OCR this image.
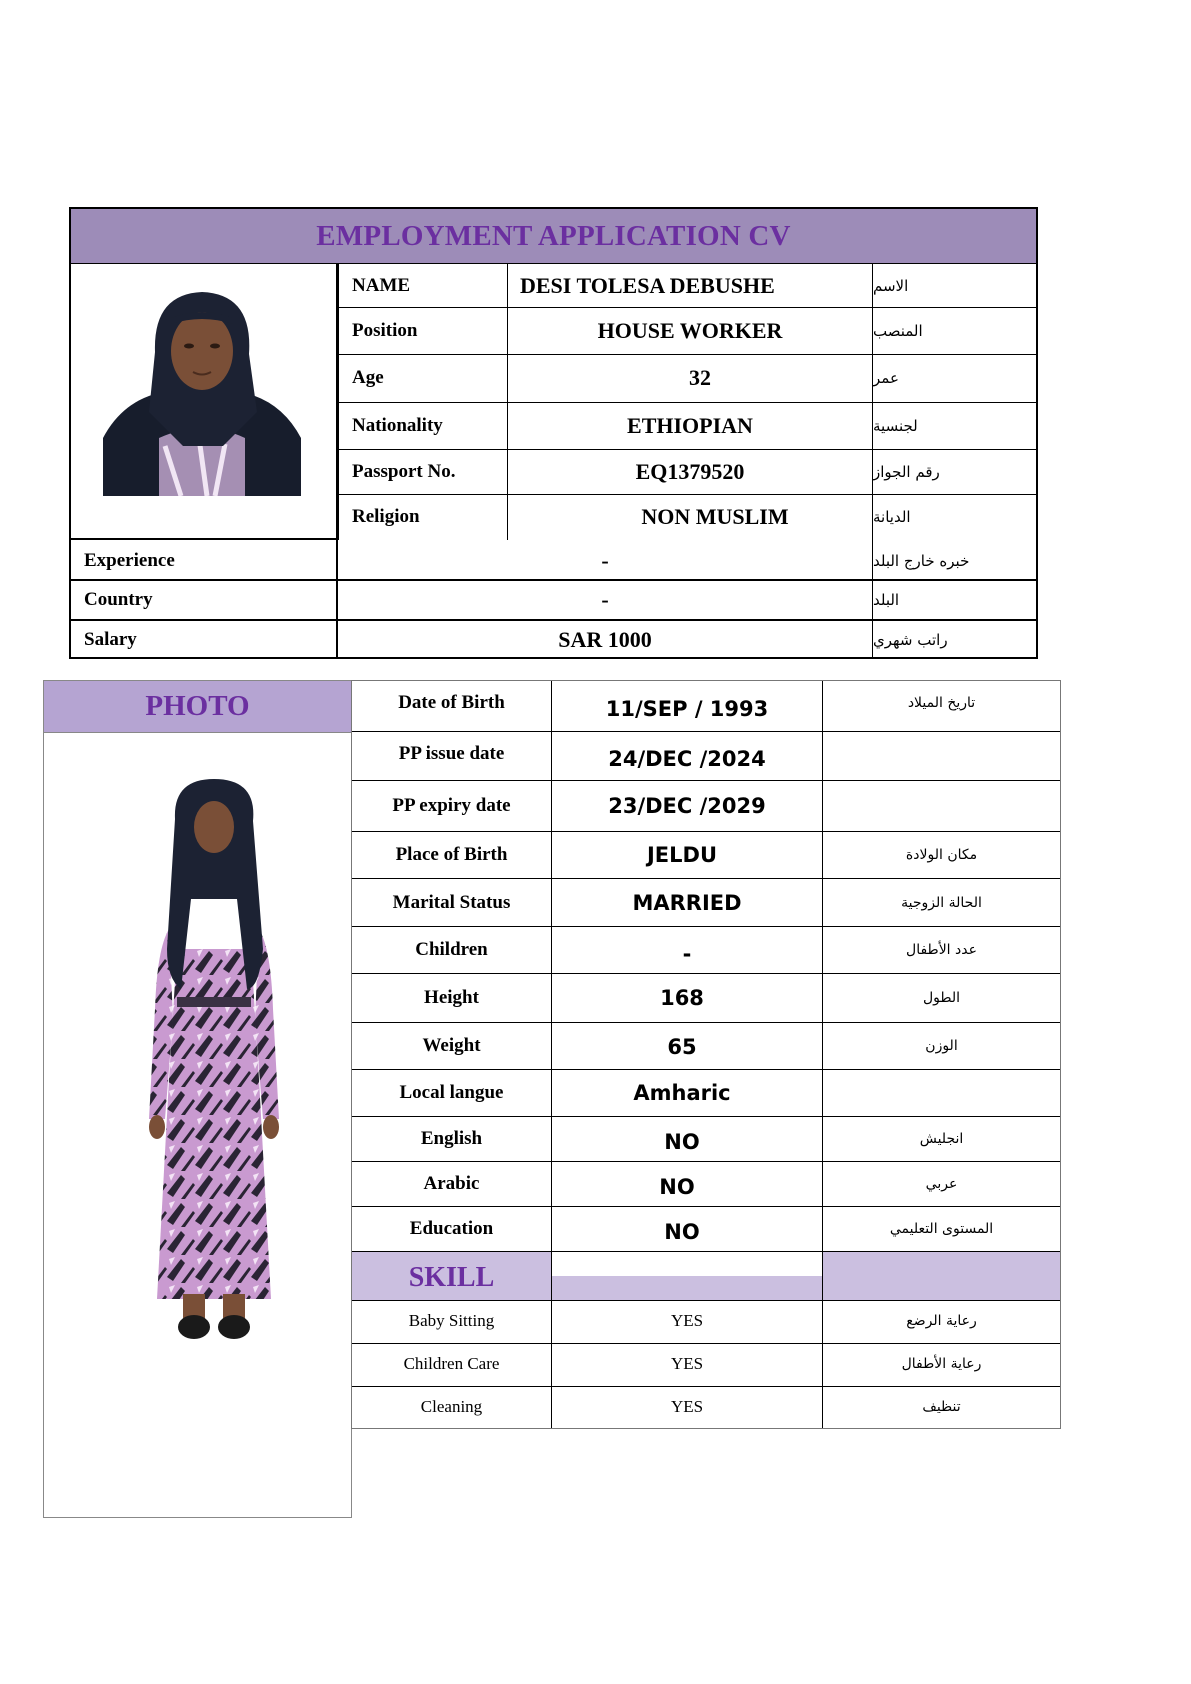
EMPLOYMENT APPLICATION CV
NAME	DESI TOLESA DEBUSHE	الاسم
Position	HOUSE WORKER	المنصب
Age	32	عمر
Nationality	ETHIOPIAN	لجنسية
Passport No.	EQ1379520	رقم الجواز
Religion	NON MUSLIM	الديانة
Experience	-	خبره خارج البلد
Country	-	البلد
Salary	SAR 1000	راتب شهري
PHOTO	Date of Birth	11/SEP / 1993	تاريخ الميلاد
PP issue date	24/DEC /2024
PP expiry date	23/DEC /2029
Place of Birth	JELDU	مكان الولادة
Marital Status	MARRIED	الحالة الزوجية
Children	-	عدد الأطفال
Height	168	الطول
Weight	65	الوزن
Local langue	Amharic
English	NO	انجليش
Arabic	NO	عربي
Education	NO	المستوى التعليمي
SKILL
Baby Sitting	YES	رعاية الرضع
Children Care	YES	رعاية الأطفال
Cleaning	YES	تنظيف
